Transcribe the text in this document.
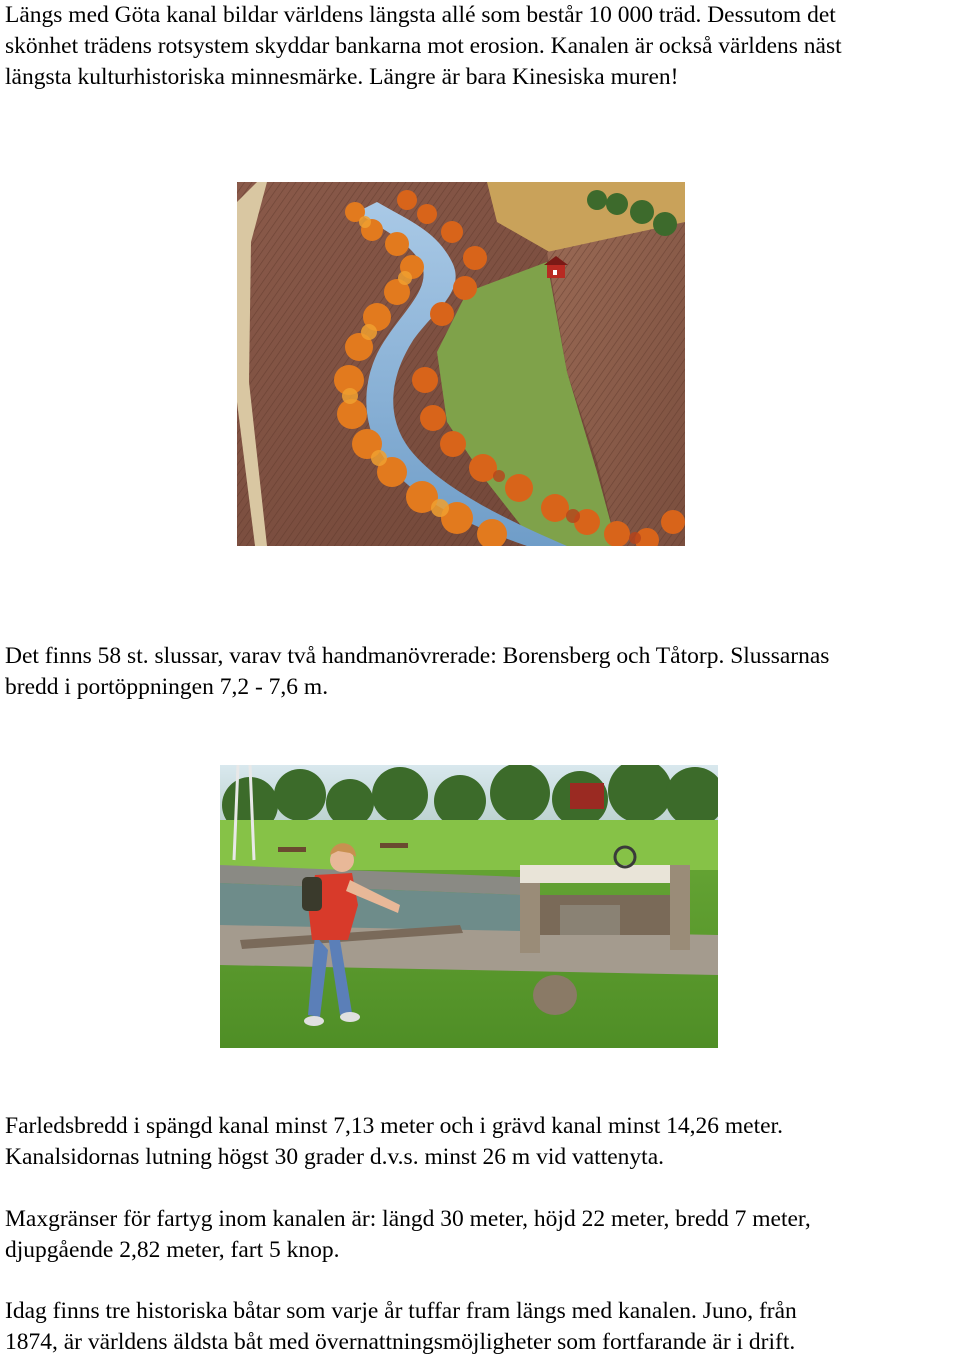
Längs med Göta kanal bildar världens längsta allé som består 10 000 träd. Dessutom det
skönhet trädens rotsystem skyddar bankarna mot erosion. Kanalen är också världens näst
längsta kulturhistoriska minnesmärke. Längre är bara Kinesiska muren!
Det finns 58 st. slussar, varav två handmanövrerade: Borensberg och Tåtorp. Slussarnas
bredd i portöppningen 7,2 - 7,6 m.
Farledsbredd i spängd kanal minst 7,13 meter och i grävd kanal minst 14,26 meter.
Kanalsidornas lutning högst 30 grader d.v.s. minst 26 m vid vattenyta.
Maxgränser för fartyg inom kanalen är: längd 30 meter, höjd 22 meter, bredd 7 meter,
djupgående 2,82 meter, fart 5 knop.
Idag finns tre historiska båtar som varje år tuffar fram längs med kanalen. Juno, från
1874, är världens äldsta båt med övernattningsmöjligheter som fortfarande är i drift.
